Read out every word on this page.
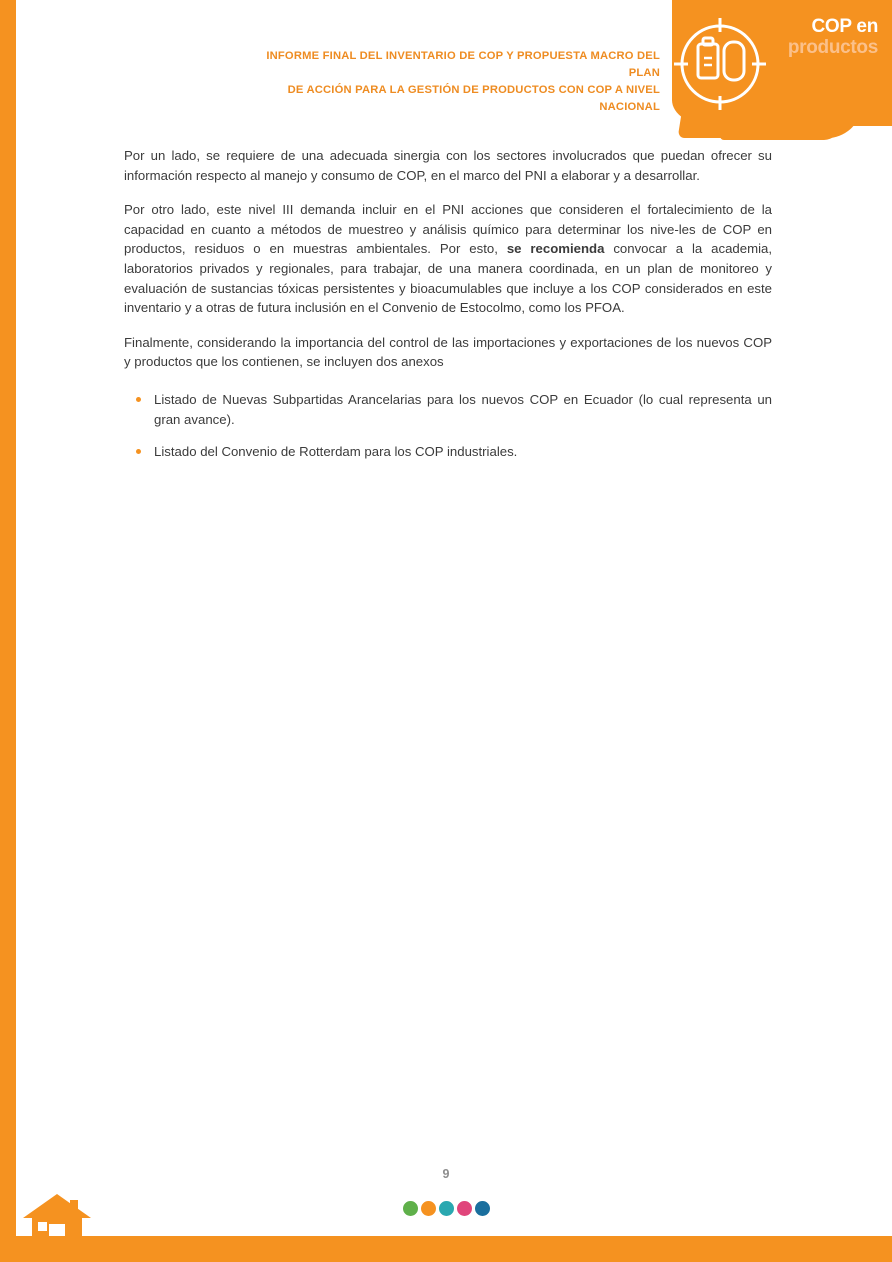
INFORME FINAL DEL INVENTARIO DE COP Y PROPUESTA MACRO DEL PLAN
DE ACCIÓN PARA LA GESTIÓN DE PRODUCTOS CON COP A NIVEL NACIONAL
COP en
productos

Por un lado, se requiere de una adecuada sinergia con los sectores involucrados que puedan ofrecer su información respecto al manejo y consumo de COP, en el marco del PNI a elaborar y a desarrollar.

Por otro lado, este nivel III demanda incluir en el PNI acciones que consideren el fortalecimiento de la capacidad en cuanto a métodos de muestreo y análisis químico para determinar los nive-les de COP en productos, residuos o en muestras ambientales. Por esto, se recomienda convocar a la academia, laboratorios privados y regionales, para trabajar, de una manera coordinada, en un plan de monitoreo y evaluación de sustancias tóxicas persistentes y bioacumulables que incluye a los COP considerados en este inventario y a otras de futura inclusión en el Convenio de Estocolmo, como los PFOA.

Finalmente, considerando la importancia del control de las importaciones y exportaciones de los nuevos COP y productos que los contienen, se incluyen dos anexos

Listado de Nuevas Subpartidas Arancelarias para los nuevos COP en Ecuador (lo cual representa un gran avance).
Listado del Convenio de Rotterdam para los COP industriales.
9
